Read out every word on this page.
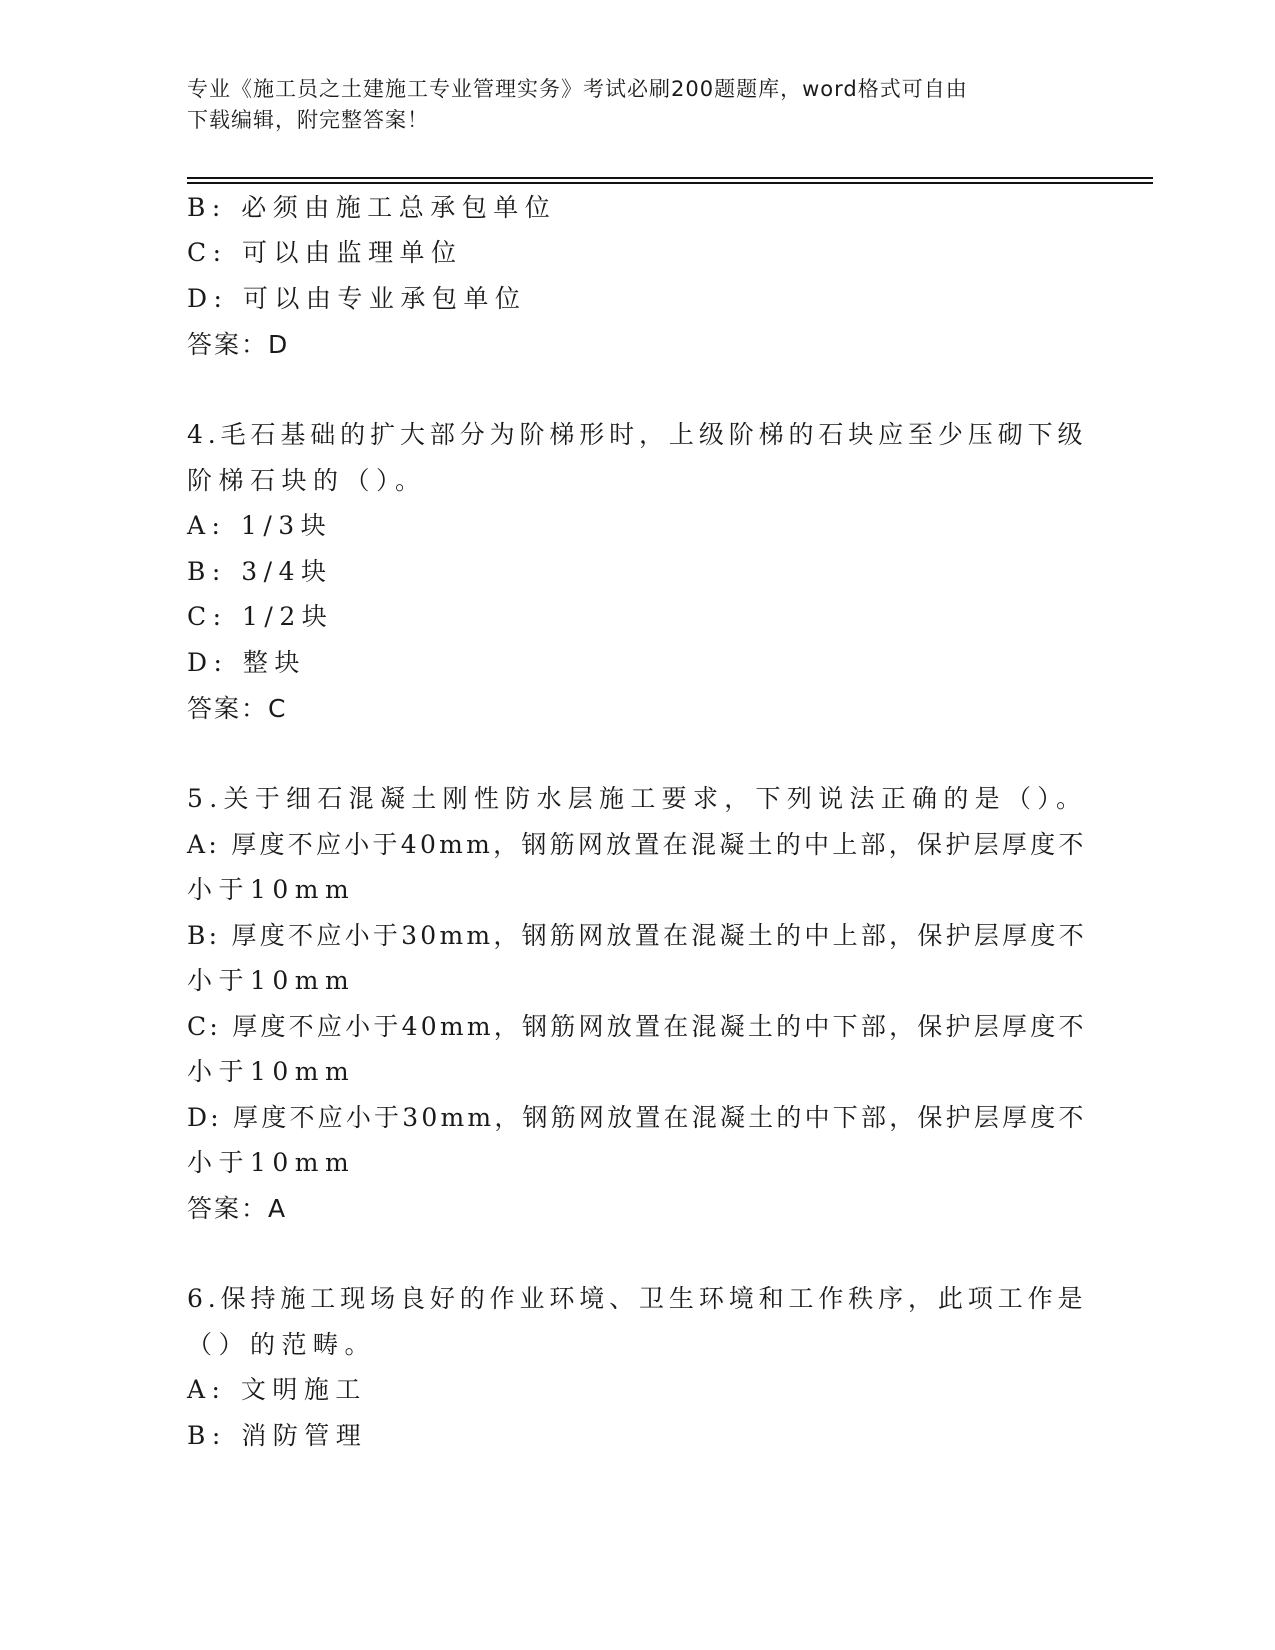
专业《施工员之土建施工专业管理实务》考试必刷200题题库，word格式可自由
下载编辑，附完整答案！
B: 必须由施工总承包单位
C: 可以由监理单位
D: 可以由专业承包单位
答案：D
4.毛石基础的扩大部分为阶梯形时，上级阶梯的石块应至少压砌下级
阶梯石块的（）。
A: 1/3块
B: 3/4块
C: 1/2块
D: 整块
答案：C
5.关于细石混凝土刚性防水层施工要求，下列说法正确的是（）。
A: 厚度不应小于40mm，钢筋网放置在混凝土的中上部，保护层厚度不
小于10mm
B: 厚度不应小于30mm，钢筋网放置在混凝土的中上部，保护层厚度不
小于10mm
C: 厚度不应小于40mm，钢筋网放置在混凝土的中下部，保护层厚度不
小于10mm
D: 厚度不应小于30mm，钢筋网放置在混凝土的中下部，保护层厚度不
小于10mm
答案：A
6.保持施工现场良好的作业环境、卫生环境和工作秩序，此项工作是
（）的范畴。
A: 文明施工
B: 消防管理
